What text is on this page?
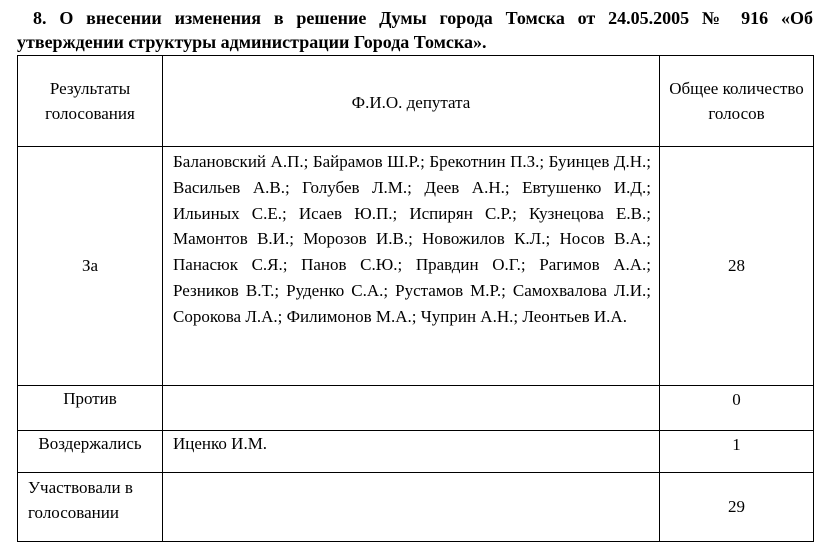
8. О внесении изменения в решение Думы города Томска от 24.05.2005 № 916 «Об
утверждении структуры администрации Города Томска».

Результаты голосования	Ф.И.О. депутата	Общее количество голосов
За	Балановский А.П.; Байрамов Ш.Р.; Брекотнин П.З.; Буинцев Д.Н.; Васильев А.В.; Голубев Л.М.; Деев А.Н.; Евтушенко И.Д.; Ильиных С.Е.; Исаев Ю.П.; Испирян С.Р.; Кузнецова Е.В.; Мамонтов В.И.; Морозов И.В.; Новожилов К.Л.; Носов В.А.; Панасюк С.Я.; Панов С.Ю.; Правдин О.Г.; Рагимов А.А.; Резников В.Т.; Руденко С.А.; Рустамов М.Р.; Самохвалова Л.И.; Сорокова Л.А.; Филимонов М.А.; Чуприн А.Н.; Леонтьев И.А.	28
Против		0
Воздержались	Иценко И.М.	1
Участвовали в голосовании		29
